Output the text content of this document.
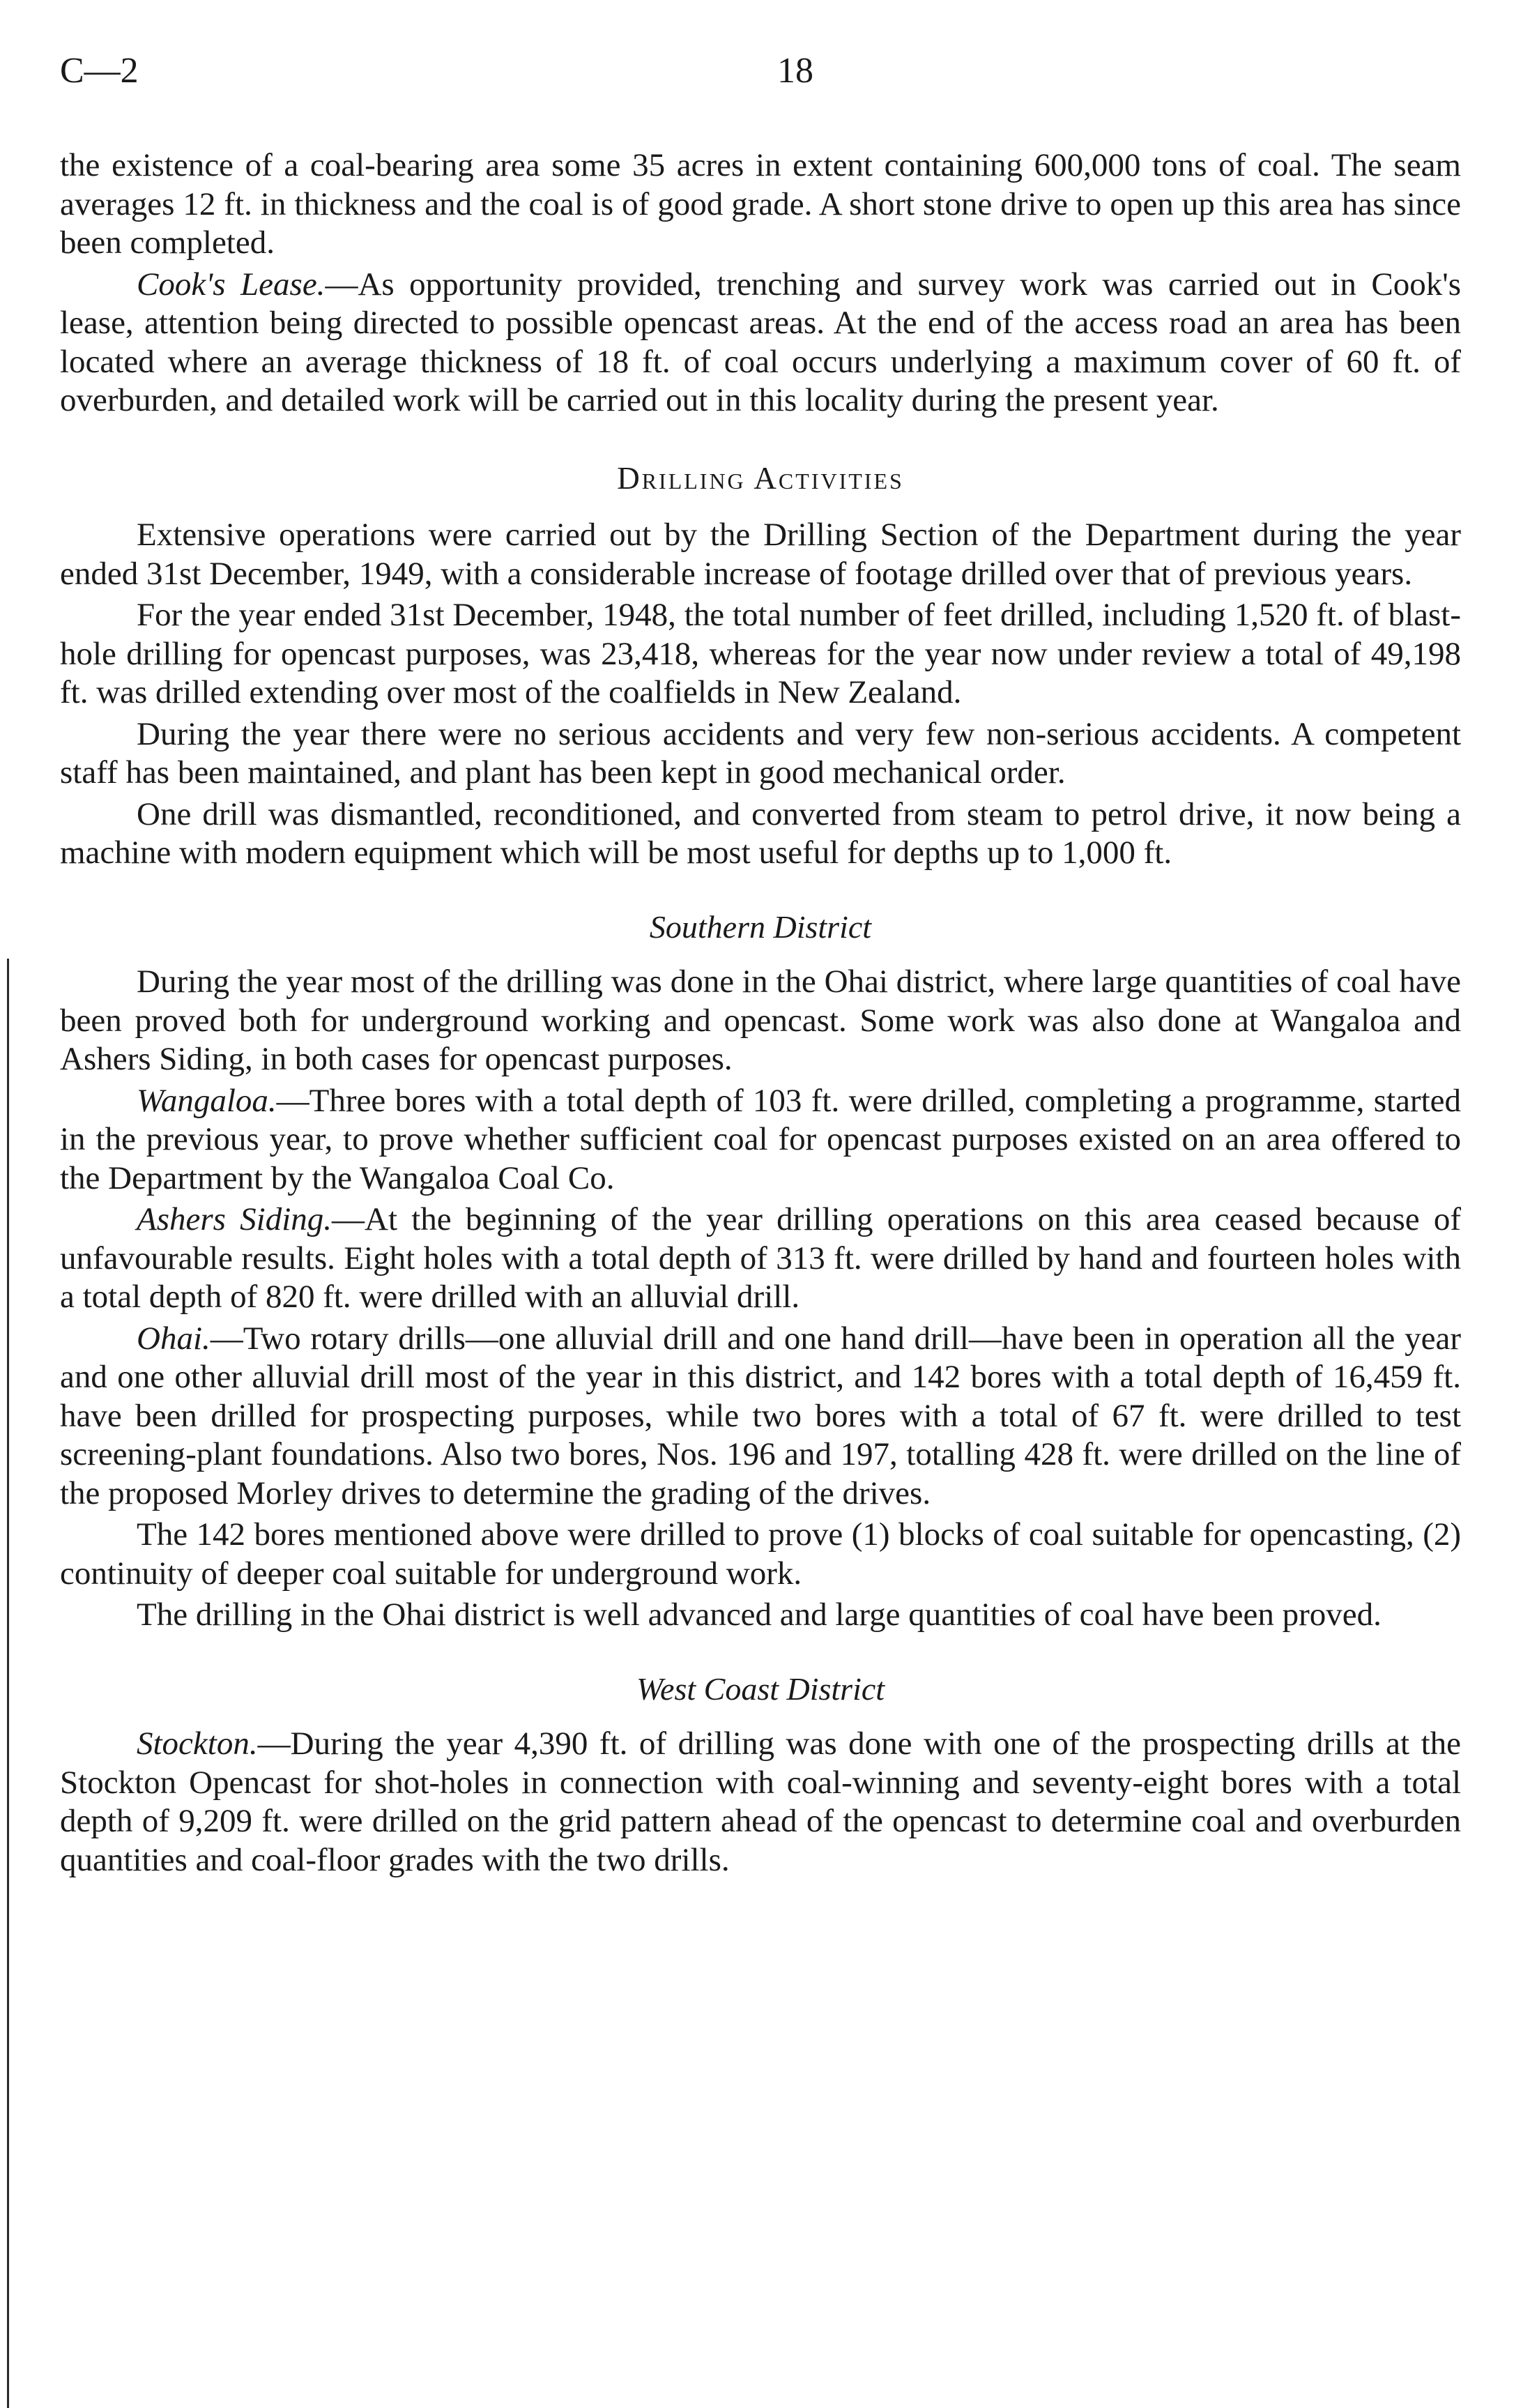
C—2	18

the existence of a coal-bearing area some 35 acres in extent containing 600,000 tons of coal. The seam averages 12 ft. in thickness and the coal is of good grade. A short stone drive to open up this area has since been completed.

Cook's Lease.—As opportunity provided, trenching and survey work was carried out in Cook's lease, attention being directed to possible opencast areas. At the end of the access road an area has been located where an average thickness of 18 ft. of coal occurs underlying a maximum cover of 60 ft. of overburden, and detailed work will be carried out in this locality during the present year.

Drilling Activities

Extensive operations were carried out by the Drilling Section of the Department during the year ended 31st December, 1949, with a considerable increase of footage drilled over that of previous years.

For the year ended 31st December, 1948, the total number of feet drilled, including 1,520 ft. of blast-hole drilling for opencast purposes, was 23,418, whereas for the year now under review a total of 49,198 ft. was drilled extending over most of the coalfields in New Zealand.

During the year there were no serious accidents and very few non-serious accidents. A competent staff has been maintained, and plant has been kept in good mechanical order.

One drill was dismantled, reconditioned, and converted from steam to petrol drive, it now being a machine with modern equipment which will be most useful for depths up to 1,000 ft.

Southern District

During the year most of the drilling was done in the Ohai district, where large quantities of coal have been proved both for underground working and opencast. Some work was also done at Wangaloa and Ashers Siding, in both cases for opencast purposes.

Wangaloa.—Three bores with a total depth of 103 ft. were drilled, completing a programme, started in the previous year, to prove whether sufficient coal for opencast purposes existed on an area offered to the Department by the Wangaloa Coal Co.

Ashers Siding.—At the beginning of the year drilling operations on this area ceased because of unfavourable results. Eight holes with a total depth of 313 ft. were drilled by hand and fourteen holes with a total depth of 820 ft. were drilled with an alluvial drill.

Ohai.—Two rotary drills—one alluvial drill and one hand drill—have been in operation all the year and one other alluvial drill most of the year in this district, and 142 bores with a total depth of 16,459 ft. have been drilled for prospecting purposes, while two bores with a total of 67 ft. were drilled to test screening-plant foundations. Also two bores, Nos. 196 and 197, totalling 428 ft. were drilled on the line of the proposed Morley drives to determine the grading of the drives.

The 142 bores mentioned above were drilled to prove (1) blocks of coal suitable for opencasting, (2) continuity of deeper coal suitable for underground work.

The drilling in the Ohai district is well advanced and large quantities of coal have been proved.

West Coast District

Stockton.—During the year 4,390 ft. of drilling was done with one of the prospecting drills at the Stockton Opencast for shot-holes in connection with coal-winning and seventy-eight bores with a total depth of 9,209 ft. were drilled on the grid pattern ahead of the opencast to determine coal and overburden quantities and coal-floor grades with the two drills.
